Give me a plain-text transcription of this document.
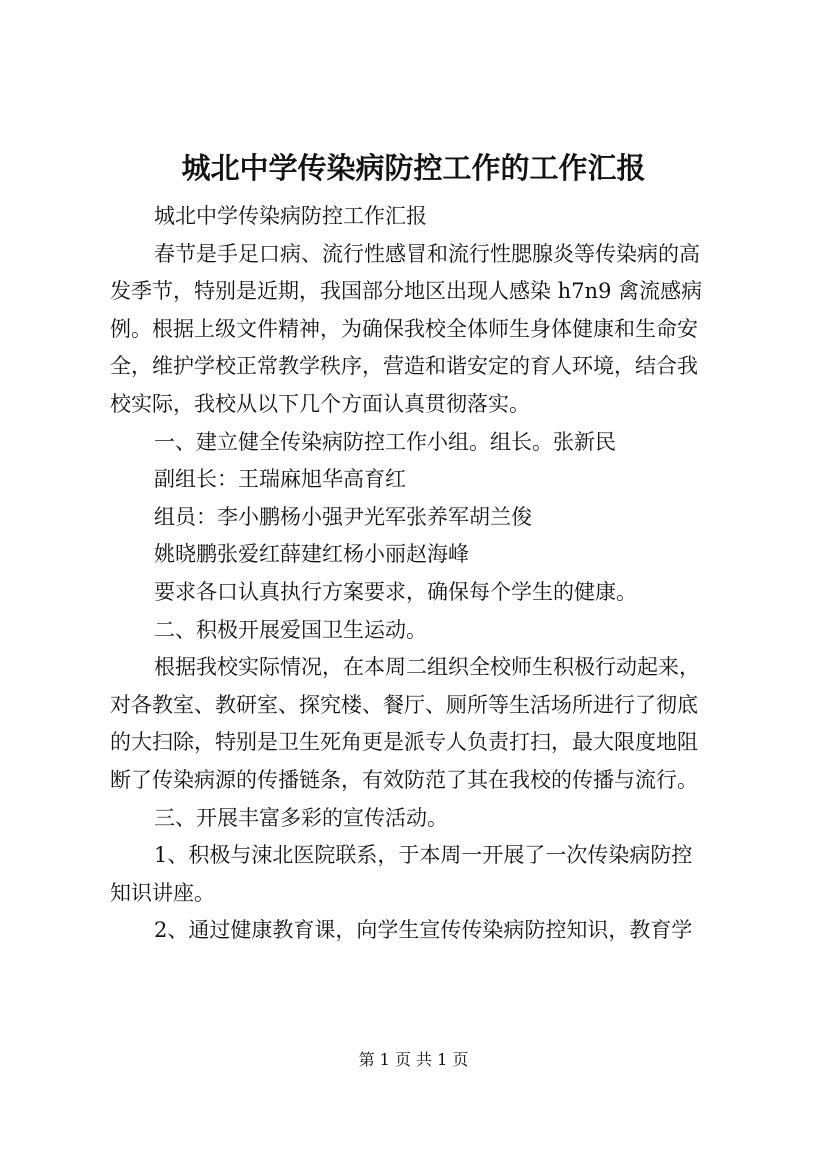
城北中学传染病防控工作的工作汇报
城北中学传染病防控工作汇报
春节是手足口病、流行性感冒和流行性腮腺炎等传染病的高
发季节，特别是近期，我国部分地区出现人感染 h7n9 禽流感病
例。根据上级文件精神，为确保我校全体师生身体健康和生命安
全，维护学校正常教学秩序，营造和谐安定的育人环境，结合我
校实际，我校从以下几个方面认真贯彻落实。
一、建立健全传染病防控工作小组。组长。张新民
副组长：王瑞麻旭华高育红
组员：李小鹏杨小强尹光军张养军胡兰俊
姚晓鹏张爱红薛建红杨小丽赵海峰
要求各口认真执行方案要求，确保每个学生的健康。
二、积极开展爱国卫生运动。
根据我校实际情况，在本周二组织全校师生积极行动起来，
对各教室、教研室、探究楼、餐厅、厕所等生活场所进行了彻底
的大扫除，特别是卫生死角更是派专人负责打扫，最大限度地阻
断了传染病源的传播链条，有效防范了其在我校的传播与流行。
三、开展丰富多彩的宣传活动。
1、积极与涑北医院联系，于本周一开展了一次传染病防控
知识讲座。
2、通过健康教育课，向学生宣传传染病防控知识，教育学
第 1 页 共 1 页
